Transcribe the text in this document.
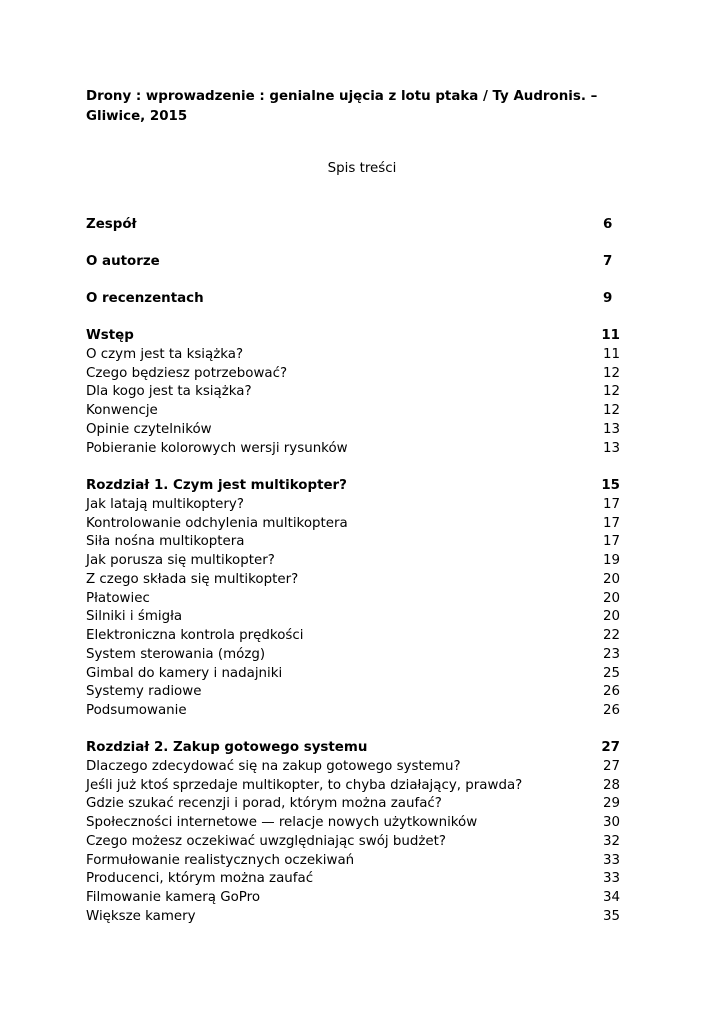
Drony : wprowadzenie : genialne ujęcia z lotu ptaka / Ty Audronis. – Gliwice, 2015

Spis treści
Zespół	6
O autorze	7
O recenzentach	9
Wstęp	11
O czym jest ta książka?	11
Czego będziesz potrzebować?	12
Dla kogo jest ta książka?	12
Konwencje	12
Opinie czytelników	13
Pobieranie kolorowych wersji rysunków	13
Rozdział 1. Czym jest multikopter?	15
Jak latają multikoptery?	17
Kontrolowanie odchylenia multikoptera	17
Siła nośna multikoptera	17
Jak porusza się multikopter?	19
Z czego składa się multikopter?	20
Płatowiec	20
Silniki i śmigła	20
Elektroniczna kontrola prędkości	22
System sterowania (mózg)	23
Gimbal do kamery i nadajniki	25
Systemy radiowe	26
Podsumowanie	26
Rozdział 2. Zakup gotowego systemu	27
Dlaczego zdecydować się na zakup gotowego systemu?	27
Jeśli już ktoś sprzedaje multikopter, to chyba działający, prawda?	28
Gdzie szukać recenzji i porad, którym można zaufać?	29
Społeczności internetowe — relacje nowych użytkowników	30
Czego możesz oczekiwać uwzględniając swój budżet?	32
Formułowanie realistycznych oczekiwań	33
Producenci, którym można zaufać	33
Filmowanie kamerą GoPro	34
Większe kamery	35
